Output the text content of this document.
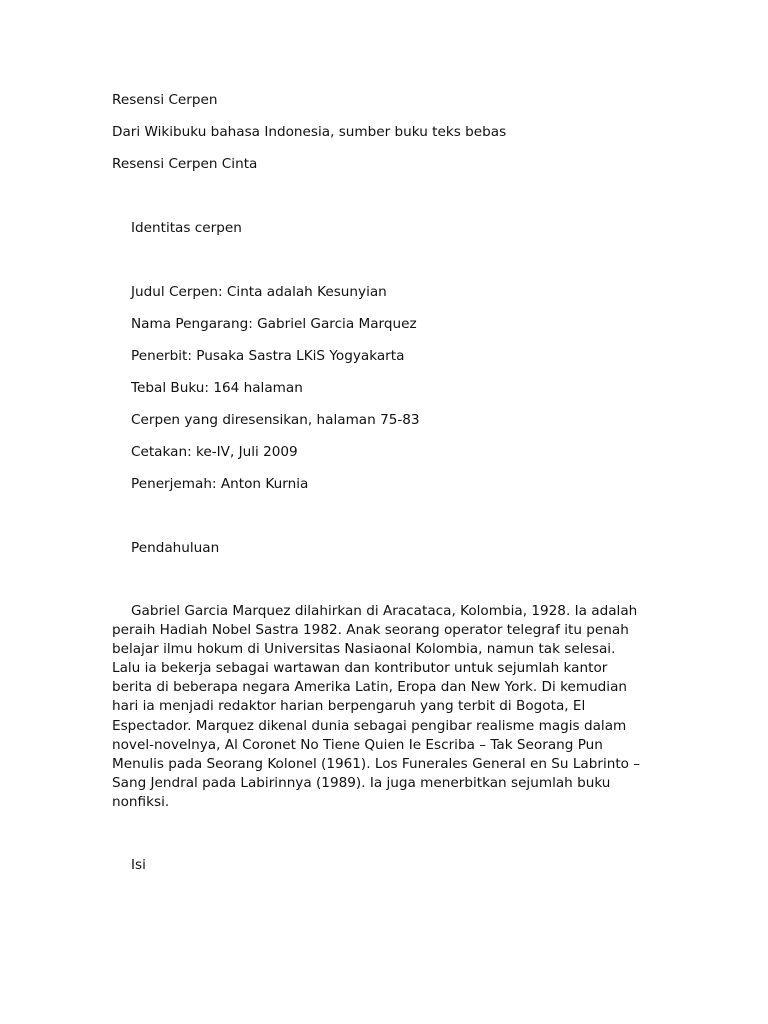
Resensi Cerpen
Dari Wikibuku bahasa Indonesia, sumber buku teks bebas
Resensi Cerpen Cinta
Identitas cerpen
Judul Cerpen: Cinta adalah Kesunyian
Nama Pengarang: Gabriel Garcia Marquez
Penerbit: Pusaka Sastra LKiS Yogyakarta
Tebal Buku: 164 halaman
Cerpen yang diresensikan, halaman 75-83
Cetakan: ke-IV, Juli 2009
Penerjemah: Anton Kurnia
Pendahuluan
Gabriel Garcia Marquez dilahirkan di Aracataca, Kolombia, 1928. Ia adalah
peraih Hadiah Nobel Sastra 1982. Anak seorang operator telegraf itu penah
belajar ilmu hokum di Universitas Nasiaonal Kolombia, namun tak selesai.
Lalu ia bekerja sebagai wartawan dan kontributor untuk sejumlah kantor
berita di beberapa negara Amerika Latin, Eropa dan New York. Di kemudian
hari ia menjadi redaktor harian berpengaruh yang terbit di Bogota, El
Espectador. Marquez dikenal dunia sebagai pengibar realisme magis dalam
novel-novelnya, Al Coronet No Tiene Quien Ie Escriba – Tak Seorang Pun
Menulis pada Seorang Kolonel (1961). Los Funerales General en Su Labrinto –
Sang Jendral pada Labirinnya (1989). Ia juga menerbitkan sejumlah buku
nonfiksi.
Isi
